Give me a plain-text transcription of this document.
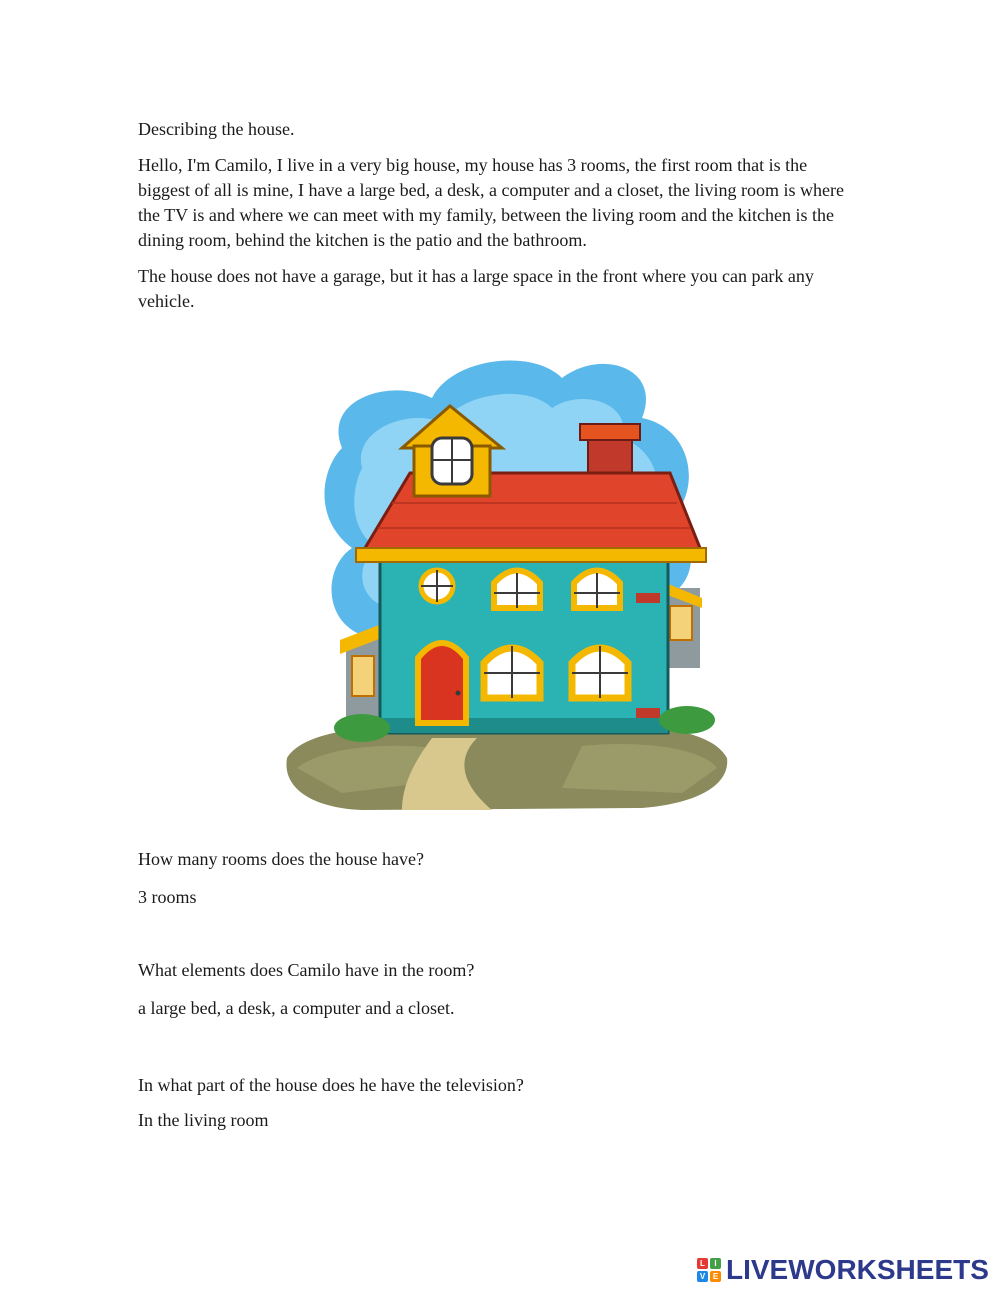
Describing the house.

Hello, I'm Camilo, I live in a very big house, my house has 3 rooms, the first room that is the biggest of all is mine, I have a large bed, a desk, a computer and a closet, the living room is where the TV is and where we can meet with my family, between the living room and the kitchen is the dining room, behind the kitchen is the patio and the bathroom.

The house does not have a garage, but it has a large space in the front where you can park any vehicle.

How many rooms does the house have?

3 rooms

What elements does Camilo have in the room?

a large bed, a desk, a computer and a closet.

In what part of the house does he have the television?

In the living room

L	I
V E LIVEWORKSHEETS
